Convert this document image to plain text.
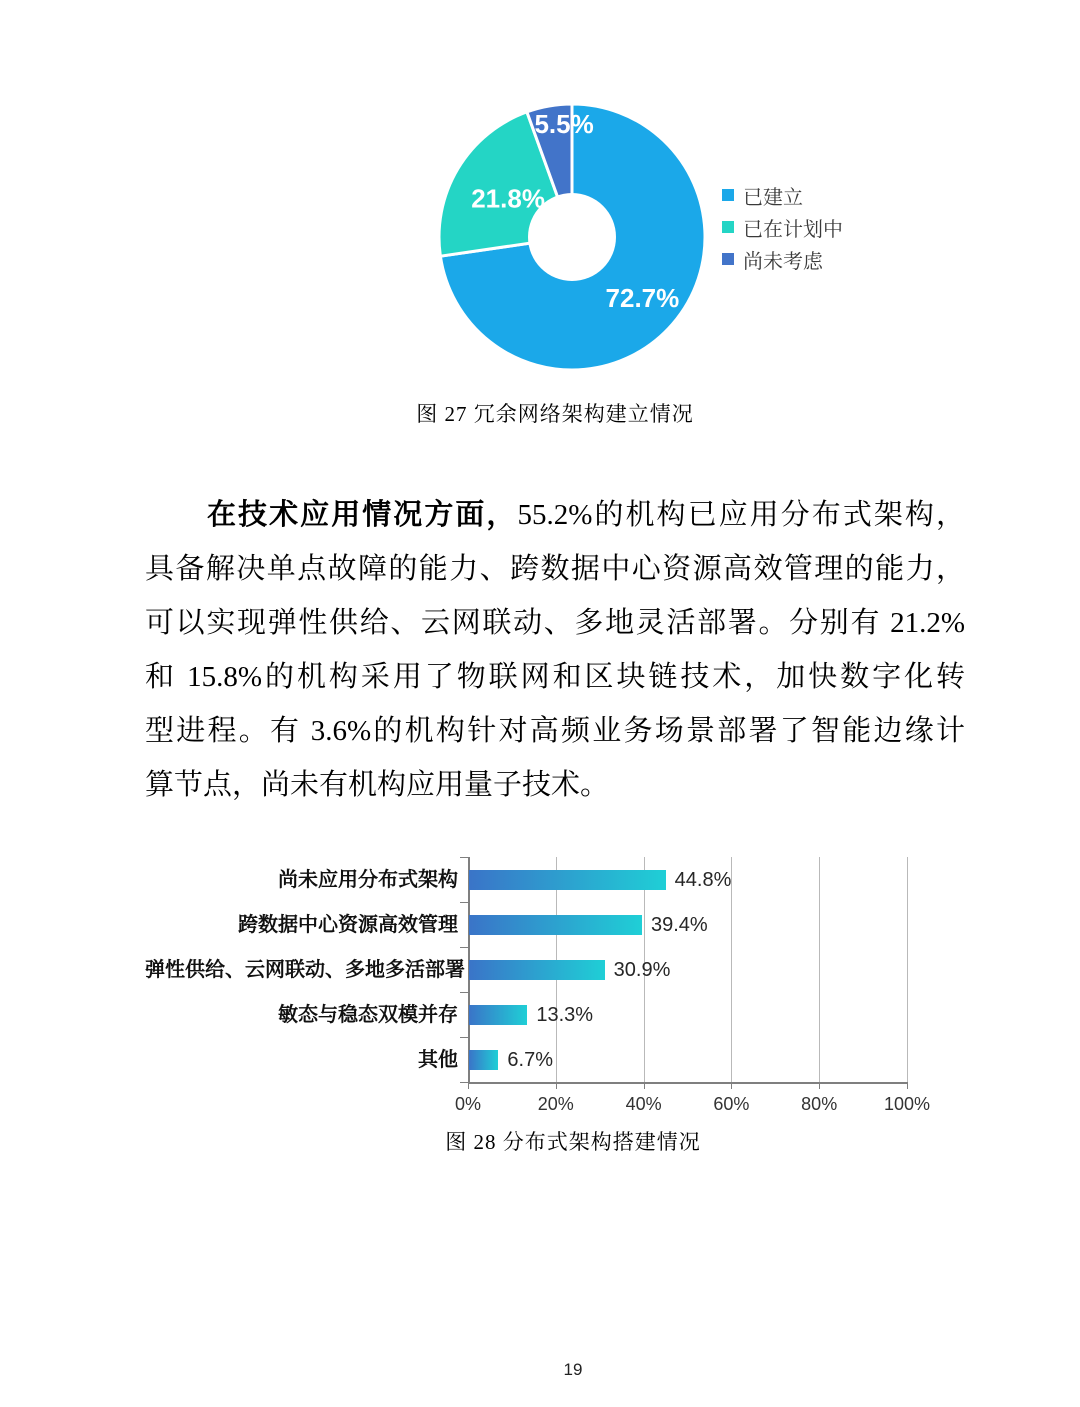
72.7%
21.8%
5.5%
已建立
已在计划中
尚未考虑
图 27 冗余网络架构建立情况
在技术应用情况方面，55.2%的机构已应用分布式架构，
具备解决单点故障的能力、跨数据中心资源高效管理的能力，
可以实现弹性供给、云网联动、多地灵活部署。分别有 21.2%
和 15.8%的机构采用了物联网和区块链技术，加快数字化转
型进程。有 3.6%的机构针对高频业务场景部署了智能边缘计
算节点，尚未有机构应用量子技术。
0%	20%	40%	60%	80%	100%
尚未应用分布式架构	44.8%
跨数据中心资源高效管理	39.4%
弹性供给、云网联动、多地多活部署	30.9%
敏态与稳态双模并存	13.3%
其他 6.7%
图 28 分布式架构搭建情况
19
